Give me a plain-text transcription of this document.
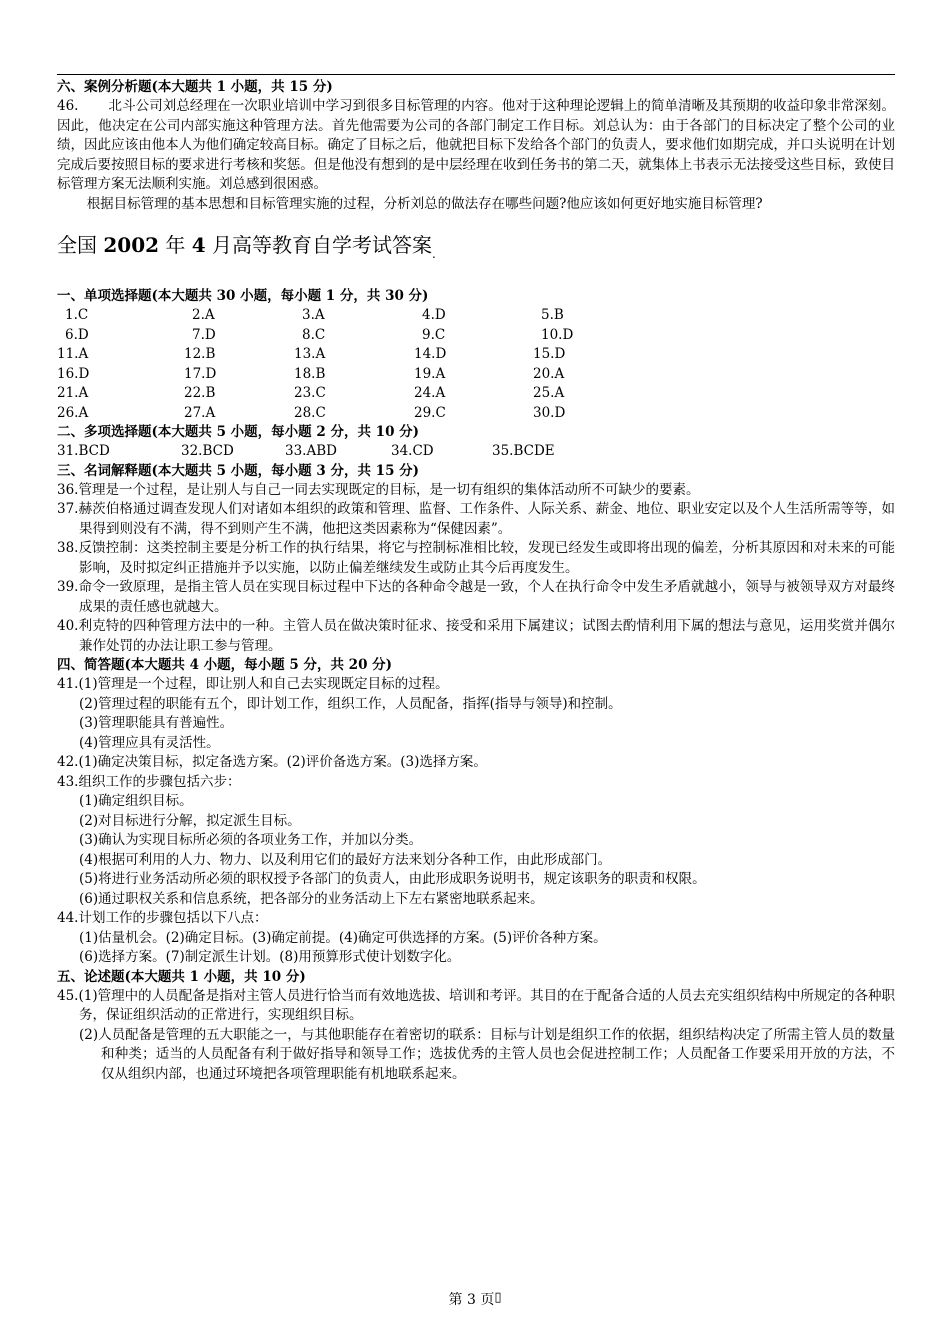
六、案例分析题(本大题共 1 小题，共 15 分)

46. 北斗公司刘总经理在一次职业培训中学习到很多目标管理的内容。他对于这种理论逻辑上的简单清晰及其预期的收益印象非常深刻。因此，他决定在公司内部实施这种管理方法。首先他需要为公司的各部门制定工作目标。刘总认为：由于各部门的目标决定了整个公司的业绩，因此应该由他本人为他们确定较高目标。确定了目标之后，他就把目标下发给各个部门的负责人，要求他们如期完成，并口头说明在计划完成后要按照目标的要求进行考核和奖惩。但是他没有想到的是中层经理在收到任务书的第二天，就集体上书表示无法接受这些目标，致使目标管理方案无法顺利实施。刘总感到很困惑。

根据目标管理的基本思想和目标管理实施的过程，分析刘总的做法存在哪些问题?他应该如何更好地实施目标管理?

全国 2002 年 4 月高等教育自学考试答案$_.$

一、单项选择题(本大题共 30 小题，每小题 1 分，共 30 分)

1.C	2.A	3.A	4.D	5.B
6.D	7.D	8.C	9.C	10.D
11.A	12.B	13.A	14.D	15.D
16.D	17.D	18.B	19.A	20.A
21.A	22.B	23.C	24.A	25.A
26.A	27.A	28.C	29.C	30.D

二、多项选择题(本大题共 5 小题，每小题 2 分，共 10 分)

31.BCD	32.BCD	33.ABD	34.CD	35.BCDE

三、名词解释题(本大题共 5 小题，每小题 3 分，共 15 分)

36.管理是一个过程，是让别人与自己一同去实现既定的目标，是一切有组织的集体活动所不可缺少的要素。

37.赫茨伯格通过调查发现人们对诸如本组织的政策和管理、监督、工作条件、人际关系、薪金、地位、职业安定以及个人生活所需等等，如果得到则没有不满，得不到则产生不满，他把这类因素称为“保健因素”。

38.反馈控制：这类控制主要是分析工作的执行结果，将它与控制标准相比较，发现已经发生或即将出现的偏差，分析其原因和对未来的可能影响，及时拟定纠正措施并予以实施，以防止偏差继续发生或防止其今后再度发生。

39.命令一致原理，是指主管人员在实现目标过程中下达的各种命令越是一致，个人在执行命令中发生矛盾就越小，领导与被领导双方对最终成果的责任感也就越大。

40.利克特的四种管理方法中的一种。主管人员在做决策时征求、接受和采用下属建议；试图去酌情利用下属的想法与意见，运用奖赏并偶尔兼作处罚的办法让职工参与管理。

四、简答题(本大题共 4 小题，每小题 5 分，共 20 分)

41.(1)管理是一个过程，即让别人和自己去实现既定目标的过程。

(2)管理过程的职能有五个，即计划工作，组织工作，人员配备，指挥(指导与领导)和控制。

(3)管理职能具有普遍性。

(4)管理应具有灵活性。

42.(1)确定决策目标，拟定备选方案。(2)评价备选方案。(3)选择方案。

43.组织工作的步骤包括六步：

(1)确定组织目标。

(2)对目标进行分解，拟定派生目标。

(3)确认为实现目标所必须的各项业务工作，并加以分类。

(4)根据可利用的人力、物力、以及利用它们的最好方法来划分各种工作，由此形成部门。

(5)将进行业务活动所必须的职权授予各部门的负责人，由此形成职务说明书，规定该职务的职责和权限。

(6)通过职权关系和信息系统，把各部分的业务活动上下左右紧密地联系起来。

44.计划工作的步骤包括以下八点：

(1)估量机会。(2)确定目标。(3)确定前提。(4)确定可供选择的方案。(5)评价各种方案。

(6)选择方案。(7)制定派生计划。(8)用预算形式使计划数字化。

五、论述题(本大题共 1 小题，共 10 分)

45.(1)管理中的人员配备是指对主管人员进行恰当而有效地选拔、培训和考评。其目的在于配备合适的人员去充实组织结构中所规定的各种职务，保证组织活动的正常进行，实现组织目标。

(2)人员配备是管理的五大职能之一，与其他职能存在着密切的联系：目标与计划是组织工作的依据，组织结构决定了所需主管人员的数量和种类；适当的人员配备有利于做好指导和领导工作；选拔优秀的主管人员也会促进控制工作；人员配备工作要采用开放的方法，不仅从组织内部，也通过环境把各项管理职能有机地联系起来。

第 3 页▯
